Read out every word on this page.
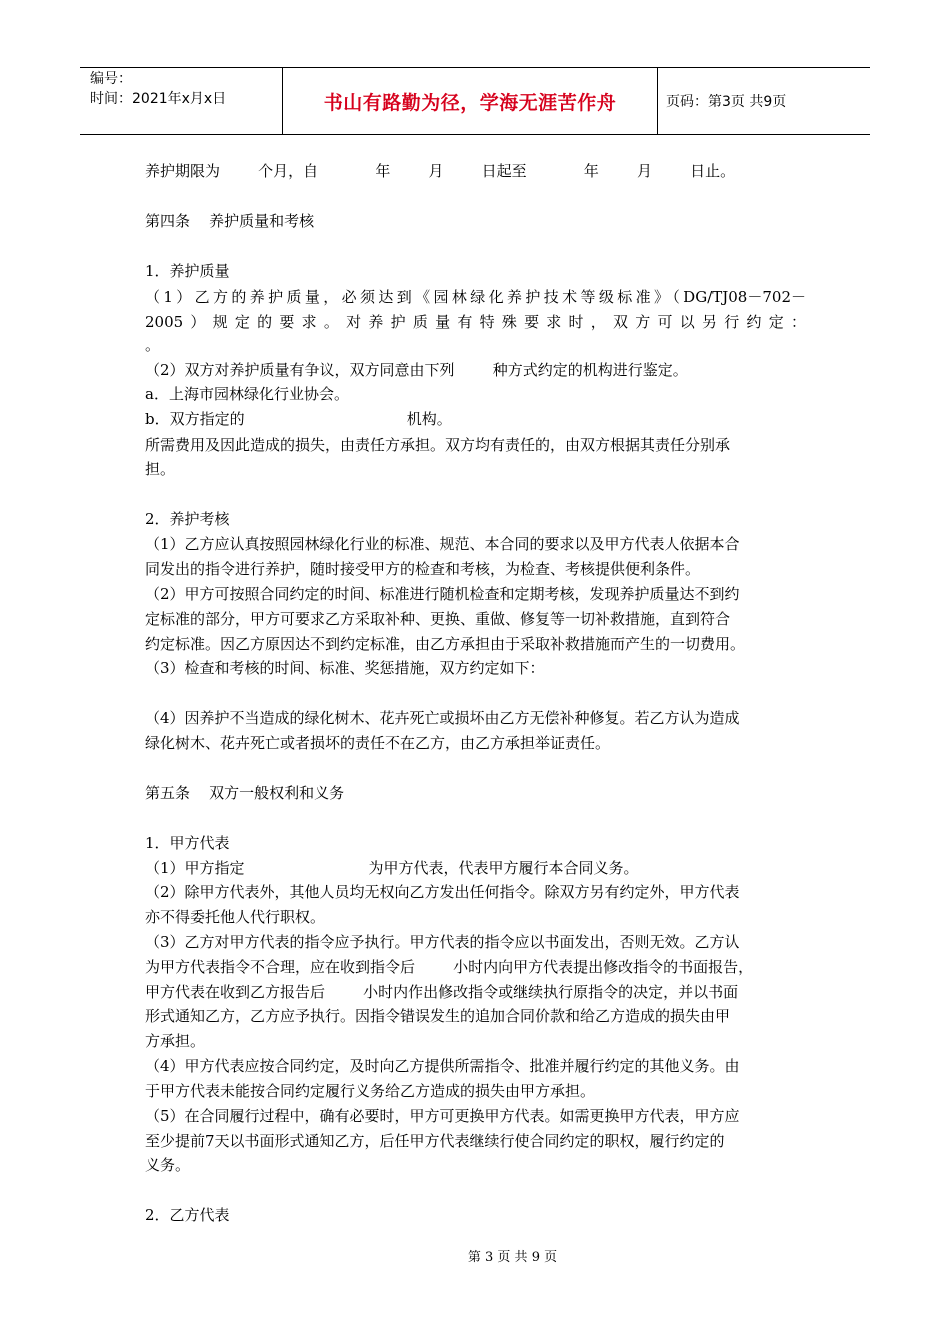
编号：
时间：2021年x月x日	书山有路勤为径，学海无涯苦作舟	页码：第3页 共9页
养护期限为        个月，自            年        月        日起至            年        月        日止。
第四条    养护质量和考核
1．养护质量
（1）乙方的养护质量，必须达到《园林绿化养护技术等级标准》（DG/TJ08－702－
2005）规定的要求。对养护质量有特殊要求时，双方可以另行约定：
。
（2）双方对养护质量有争议，双方同意由下列        种方式约定的机构进行鉴定。
a．上海市园林绿化行业协会。
b．双方指定的                                  机构。
所需费用及因此造成的损失，由责任方承担。双方均有责任的，由双方根据其责任分别承
担。
2．养护考核
（1）乙方应认真按照园林绿化行业的标准、规范、本合同的要求以及甲方代表人依据本合
同发出的指令进行养护，随时接受甲方的检查和考核，为检查、考核提供便利条件。
（2）甲方可按照合同约定的时间、标准进行随机检查和定期考核，发现养护质量达不到约
定标准的部分，甲方可要求乙方采取补种、更换、重做、修复等一切补救措施，直到符合
约定标准。因乙方原因达不到约定标准，由乙方承担由于采取补救措施而产生的一切费用。
（3）检查和考核的时间、标准、奖惩措施，双方约定如下：
（4）因养护不当造成的绿化树木、花卉死亡或损坏由乙方无偿补种修复。若乙方认为造成
绿化树木、花卉死亡或者损坏的责任不在乙方，由乙方承担举证责任。
第五条    双方一般权利和义务
1．甲方代表
（1）甲方指定                          为甲方代表，代表甲方履行本合同义务。
（2）除甲方代表外，其他人员均无权向乙方发出任何指令。除双方另有约定外，甲方代表
亦不得委托他人代行职权。
（3）乙方对甲方代表的指令应予执行。甲方代表的指令应以书面发出，否则无效。乙方认
为甲方代表指令不合理，应在收到指令后        小时内向甲方代表提出修改指令的书面报告，
甲方代表在收到乙方报告后        小时内作出修改指令或继续执行原指令的决定，并以书面
形式通知乙方，乙方应予执行。因指令错误发生的追加合同价款和给乙方造成的损失由甲
方承担。
（4）甲方代表应按合同约定，及时向乙方提供所需指令、批准并履行约定的其他义务。由
于甲方代表未能按合同约定履行义务给乙方造成的损失由甲方承担。
（5）在合同履行过程中，确有必要时，甲方可更换甲方代表。如需更换甲方代表，甲方应
至少提前7天以书面形式通知乙方，后任甲方代表继续行使合同约定的职权，履行约定的
义务。
2．乙方代表
第 3 页 共 9 页
